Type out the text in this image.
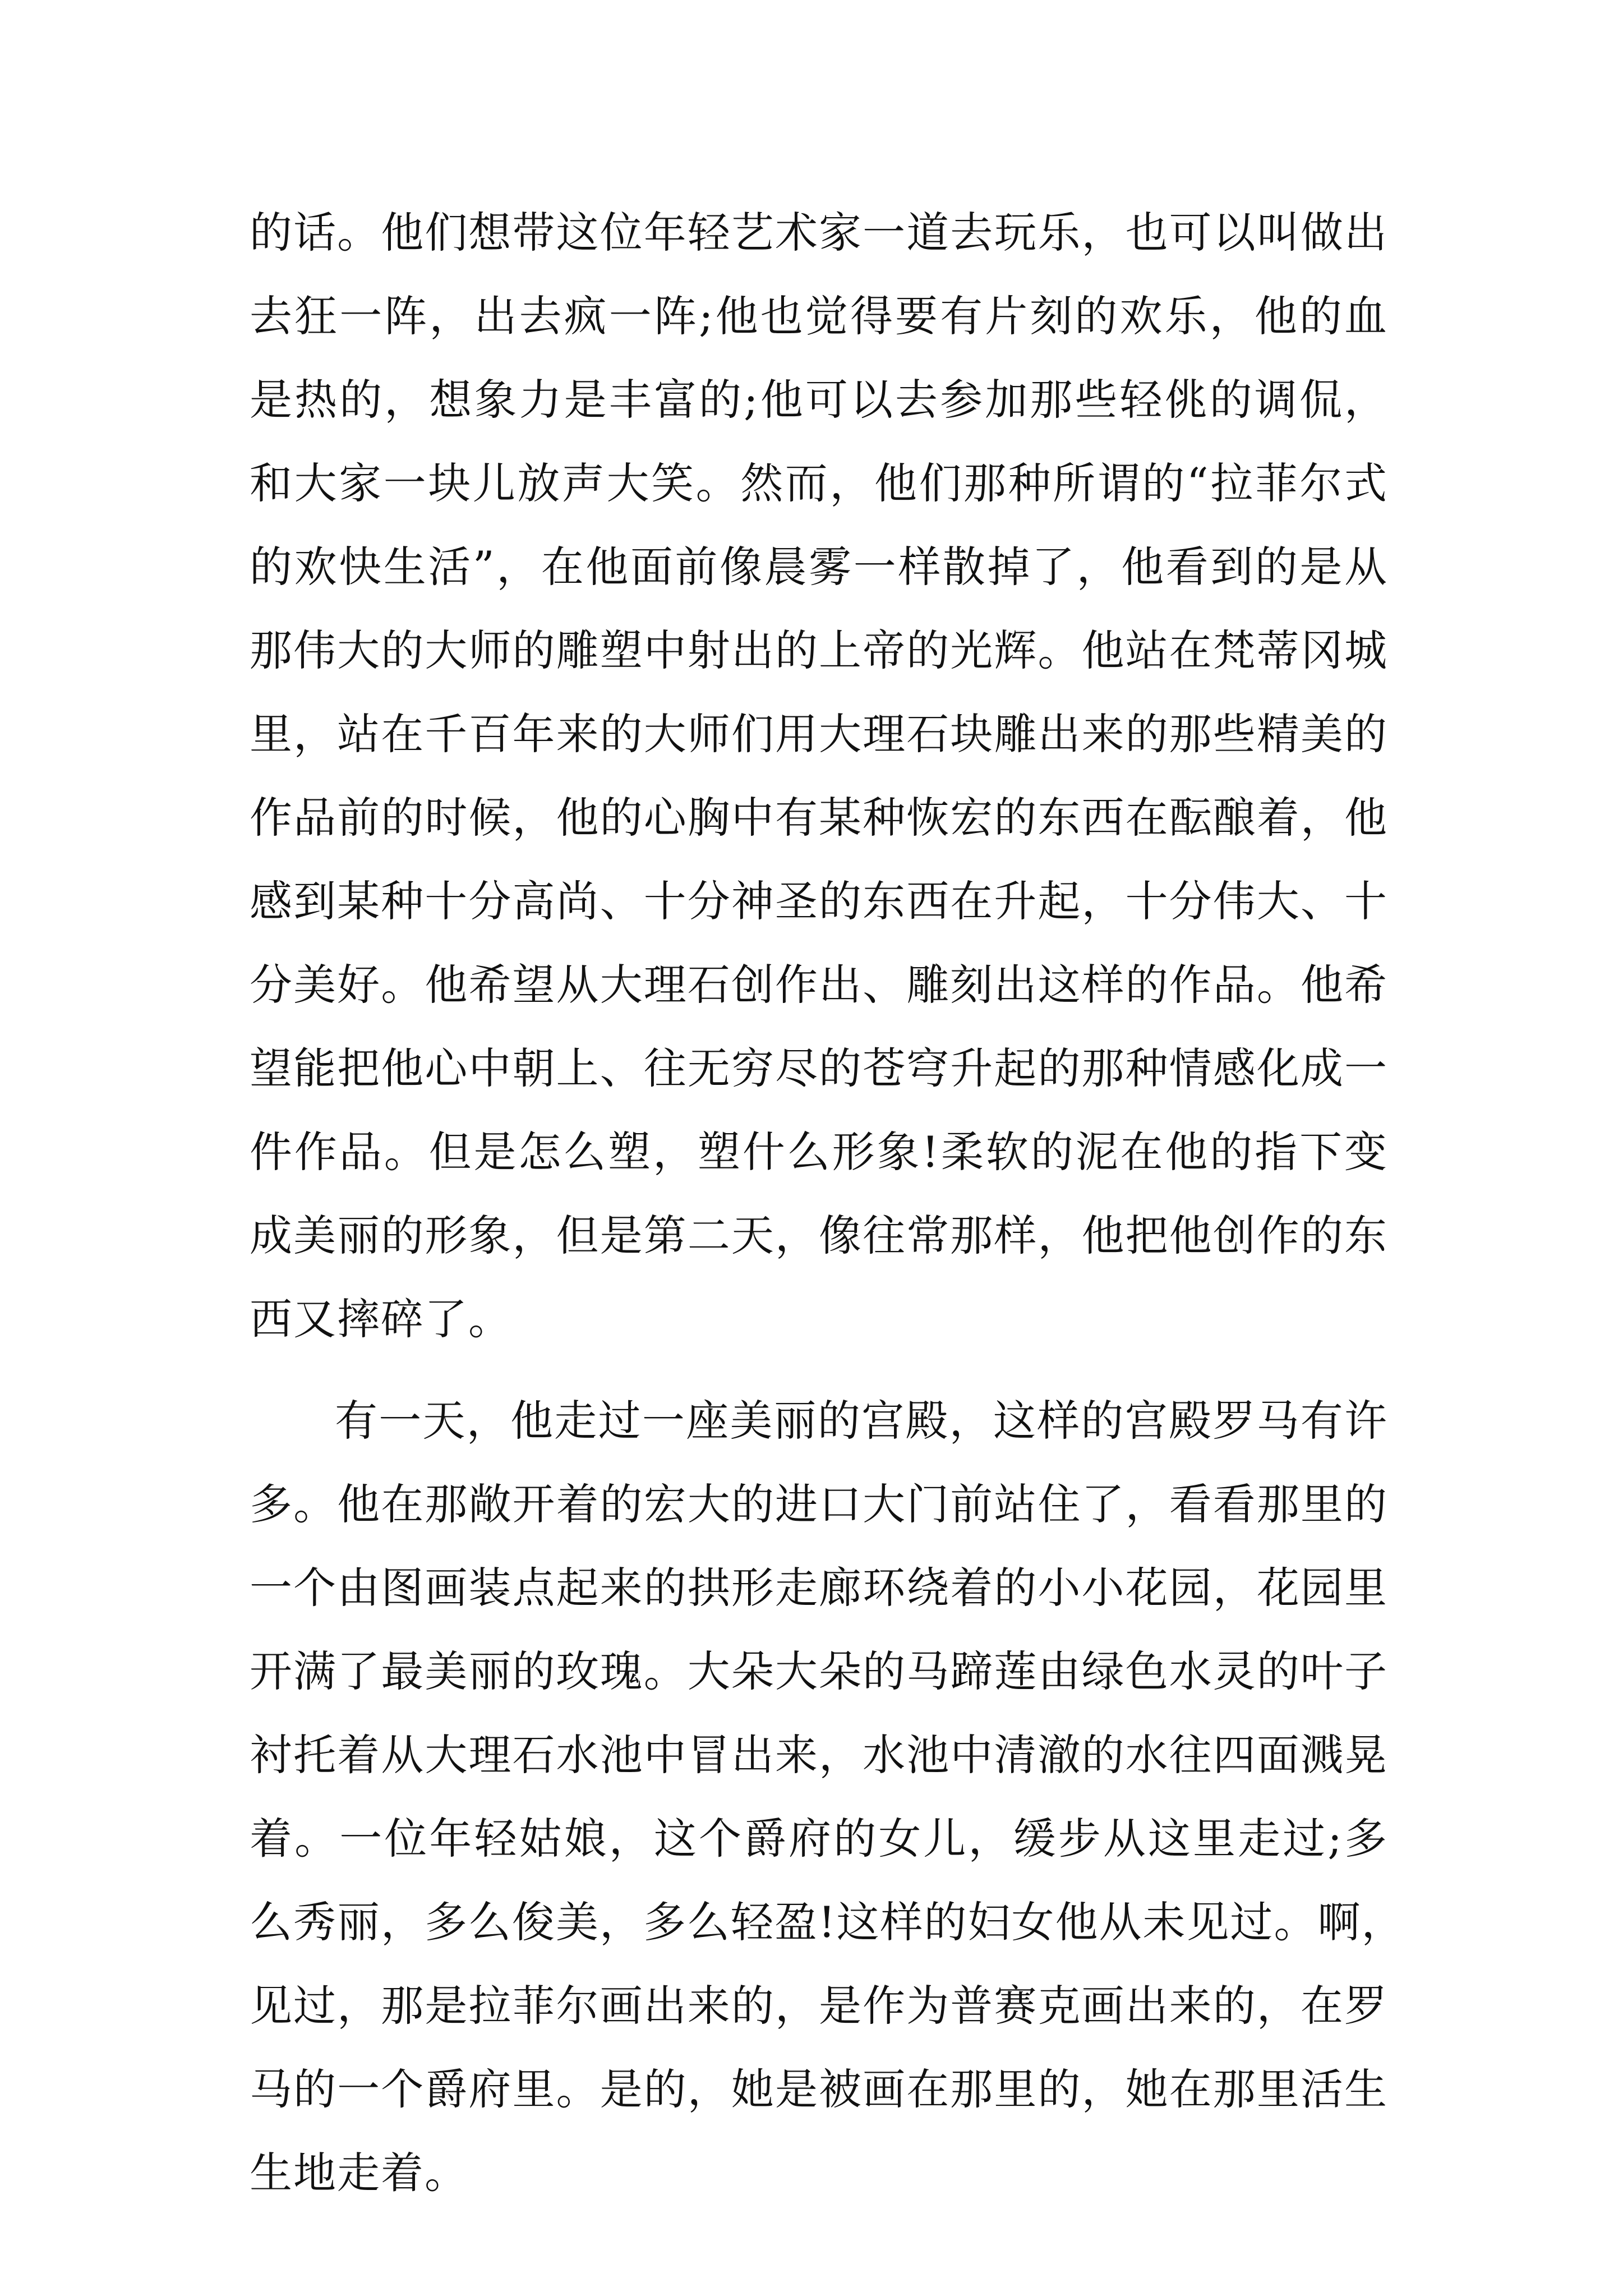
的话。他们想带这位年轻艺术家一道去玩乐，也可以叫做出
去狂一阵，出去疯一阵;他也觉得要有片刻的欢乐，他的血
是热的，想象力是丰富的;他可以去参加那些轻佻的调侃，
和大家一块儿放声大笑。然而，他们那种所谓的“拉菲尔式
的欢快生活”，在他面前像晨雾一样散掉了，他看到的是从
那伟大的大师的雕塑中射出的上帝的光辉。他站在梵蒂冈城
里，站在千百年来的大师们用大理石块雕出来的那些精美的
作品前的时候，他的心胸中有某种恢宏的东西在酝酿着，他
感到某种十分高尚、十分神圣的东西在升起，十分伟大、十
分美好。他希望从大理石创作出、雕刻出这样的作品。他希
望能把他心中朝上、往无穷尽的苍穹升起的那种情感化成一
件作品。但是怎么塑，塑什么形象!柔软的泥在他的指下变
成美丽的形象，但是第二天，像往常那样，他把他创作的东
西又摔碎了。
有一天，他走过一座美丽的宫殿，这样的宫殿罗马有许
多。他在那敞开着的宏大的进口大门前站住了，看看那里的
一个由图画装点起来的拱形走廊环绕着的小小花园，花园里
开满了最美丽的玫瑰。大朵大朵的马蹄莲由绿色水灵的叶子
衬托着从大理石水池中冒出来，水池中清澈的水往四面溅晃
着。一位年轻姑娘，这个爵府的女儿，缓步从这里走过;多
么秀丽，多么俊美，多么轻盈!这样的妇女他从未见过。啊，
见过，那是拉菲尔画出来的，是作为普赛克画出来的，在罗
马的一个爵府里。是的，她是被画在那里的，她在那里活生
生地走着。
